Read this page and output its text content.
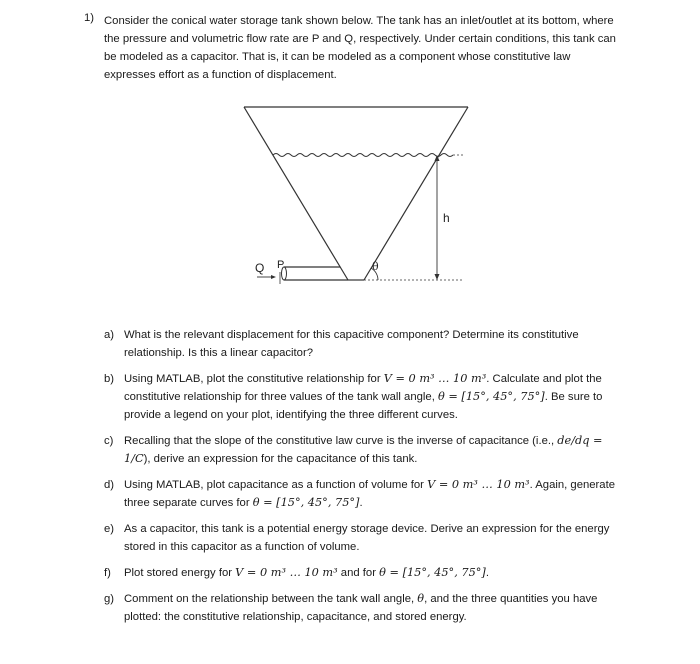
1) Consider the conical water storage tank shown below. The tank has an inlet/outlet at its bottom, where the pressure and volumetric flow rate are P and Q, respectively. Under certain conditions, this tank can be modeled as a capacitor. That is, it can be modeled as a component whose constitutive law expresses effort as a function of displacement.

Q P	θ
h
a) What is the relevant displacement for this capacitive component? Determine its constitutive relationship. Is this a linear capacitor?
b) Using MATLAB, plot the constitutive relationship for V = 0 m³ … 10 m³. Calculate and plot the constitutive relationship for three values of the tank wall angle, θ = [15°, 45°, 75°]. Be sure to provide a legend on your plot, identifying the three different curves.
c) Recalling that the slope of the constitutive law curve is the inverse of capacitance (i.e., de/dq = 1/C), derive an expression for the capacitance of this tank.
d) Using MATLAB, plot capacitance as a function of volume for V = 0 m³ … 10 m³. Again, generate three separate curves for θ = [15°, 45°, 75°].
e) As a capacitor, this tank is a potential energy storage device. Derive an expression for the energy stored in this capacitor as a function of volume.
f) Plot stored energy for V = 0 m³ … 10 m³ and for θ = [15°, 45°, 75°].
g) Comment on the relationship between the tank wall angle, θ, and the three quantities you have plotted: the constitutive relationship, capacitance, and stored energy.
